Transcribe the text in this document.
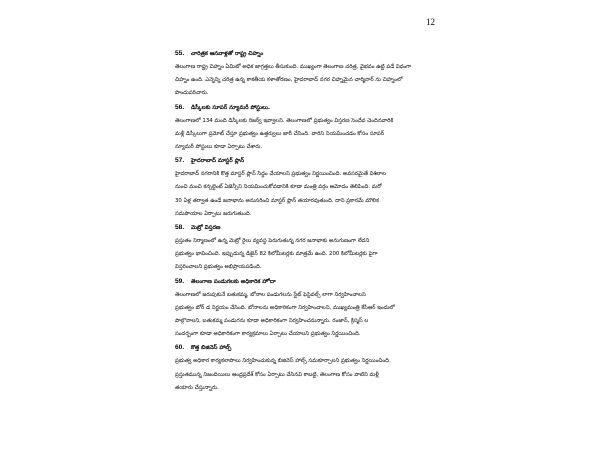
12
55.	చారిత్రక ఆనవాళ్లతో రాష్ట్ర చిహ్నం
తెలంగాణ రాష్ట్ర చిహ్నం ఏమిటో అధిక జాగ్రత్తలు తీసుకుంది. ముఖ్యంగా తెలంగాణ చరిత్ర, వైభవం ఉట్టి పడే విధంగా
చిహ్నం ఉంది. ఎన్నెన్ని చరిత్ర ఉన్న కాకతీయ కళాతోరణం, హైదరాబాద్ నగర చిహ్నమైన చార్మినార్ ను చిహ్నంలో
పొందుపరిచారు.
56.	డిస్కీలకు సూపర్ న్యూమరీ పోస్టులు.
తెలంగాణలో 134 మంది డిస్కీలకు రిజర్వ్ ఇవ్వాలని. తెలంగాణలో ప్రభుత్వం విస్తరణ సెందేవ చెందినవారికి
మళ్లీ డిస్కీలుగా ప్రమోట్ చేస్తూ ప్రభుత్వం ఉత్తర్వులు జారీ చేసింది. వారిని నియమించడం కోసం సూపర్
న్యూమరీ పోస్టులు కూడా ఏర్పాటు చేశారు.
57.	హైదరాబాద్ మాస్టర్ ప్లాన్
హైదరాబాద్ నగరానికి కొత్త మాస్టర్ ప్లాన్ సిద్ధం చేయాలని ప్రభుత్వం నిర్ణయించింది. అవసరమైతే విశిలాల
నుంచి మంచి కన్సల్టెంట్ ఏజెన్సీని నియమించుకోవడానికి కూడా మంత్రి వర్గం ఆమోదం తెలిపింది. మరో
30 ఏళ్ల తర్వాత ఉండే జనాభాను అనుసరించి మాస్టర్ ప్లాన్ తయారవుతుంది. దాని ప్రకారమే మౌలిక
సదుపాయాల ఏర్పాటు జరుగుతుంది.
58.	మెట్రో విస్తరణ
ప్రస్తుతం నిర్మాణంలో ఉన్న మెట్రో రైలు వ్యవస్థ పెరుగుతున్న నగర జనాభాకు అనుగుణంగా లేదని
ప్రభుత్వం భావించింది. ఇప్పుడున్న డిజైన్ 82 కిలోమీటర్లకు మాత్రమే ఉంది. 200 కిలోమీటర్లకు పైగా
విస్తరించాలని ప్రభుత్వం అభిప్రాయపడింది.
59.	తెలంగాణ పండుగలకు అధికారిక హోదా
తెలంగాణలో జరుపుకునే బతుకమ్మ, బోనాల పండుగలను స్టేట్ ఫెస్టివల్స్ లాగా నిర్వహించాలని
ప్రభుత్వం బోర్ డ నిర్ణయం చేసింది. బోనాలను అధికారికంగా నిర్వహించాలని, ముఖ్యమంత్రి కేసీఆర్ ఇందులో
పాల్గొనాలని, బతుకమ్మ పండుగను కూడా అధికారికంగా నిర్వహించనున్నారు. రంజాన్, క్రిస్మస్ ల
సందర్భంగా కూడా అధికారికంగా కార్యక్రమాలు ఏర్పాటు చేయాలని ప్రభుత్వం నిర్ణయించింది.
60.	కొత్త బిజినెస్ హాల్స్
ప్రభుత్వ అధికార కార్యకలాపాలు నిర్వహించుకున్న బిజినెస్ హాల్స్ సమకూర్చాలని ప్రభుత్వం నిర్ణయించింది.
ప్రస్తుతమున్న నిజందియిలు ఆంధ్రప్రదేశ్ కోసం ఏర్పాటు చేసినవి కాబట్టి, తెలంగాణ కోసం వాటిని మళ్లీ
తయారు చేస్తున్నారు.
